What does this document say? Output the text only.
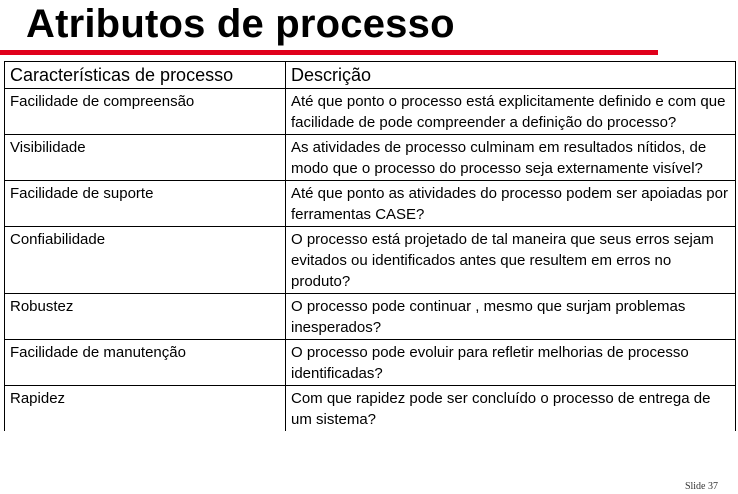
Atributos de processo
Características de processo	Descrição
Facilidade de compreensão	Até que ponto o processo está explicitamente definido e com que facilidade de pode compreender a definição do processo?
Visibilidade	As atividades de processo culminam em resultados nítidos, de modo que o processo do processo seja externamente visível?
Facilidade de suporte	Até que ponto as atividades do processo podem ser apoiadas por ferramentas CASE?
Confiabilidade	O processo está projetado de tal maneira que seus erros sejam evitados ou identificados antes que resultem em erros no produto?
Robustez	O processo pode continuar , mesmo que surjam problemas inesperados?
Facilidade de manutenção	O processo pode evoluir para refletir melhorias de processo identificadas?
Rapidez	Com que rapidez pode ser concluído o processo de entrega de um sistema?
Slide 37
